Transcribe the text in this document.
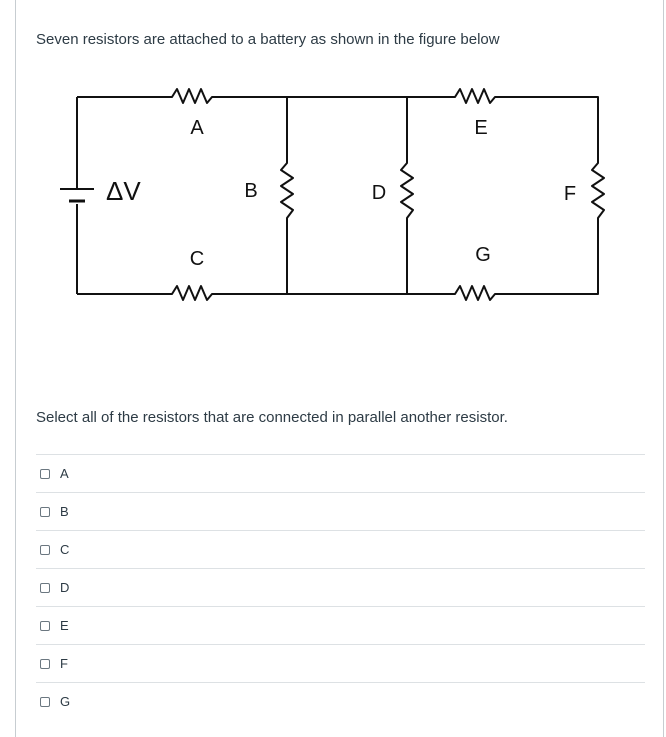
Seven resistors are attached to a battery as shown in the figure below
ΔV
A
B
C
D
E
F
G
Select all of the resistors that are connected in parallel another resistor.
A
B
C
D
E
F
G
